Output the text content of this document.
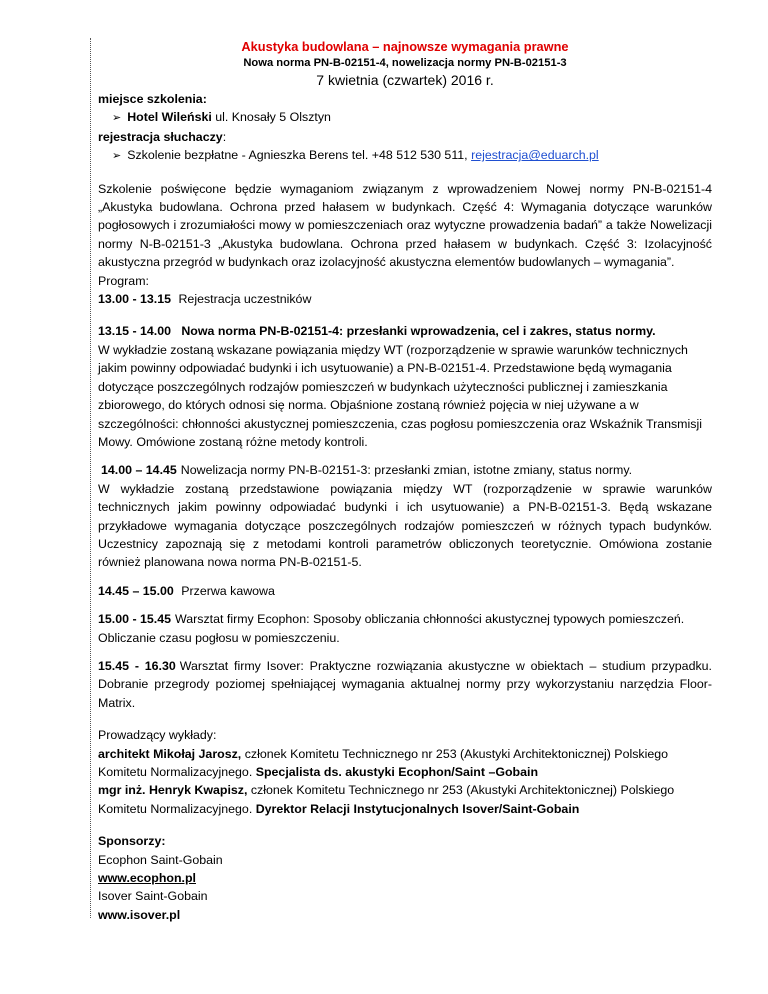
Akustyka budowlana – najnowsze wymagania prawne

Nowa norma PN-B-02151-4, nowelizacja normy PN-B-02151-3

7 kwietnia (czwartek) 2016 r.

miejsce szkolenia:

➢ Hotel Wileński ul. Knosały 5 Olsztyn

rejestracja słuchaczy:

➢ Szkolenie bezpłatne - Agnieszka Berens tel. +48 512 530 511, rejestracja@eduarch.pl

Szkolenie poświęcone będzie wymaganiom związanym z wprowadzeniem Nowej normy PN-B-02151-4 „Akustyka budowlana. Ochrona przed hałasem w budynkach. Część 4: Wymagania dotyczące warunków pogłosowych i zrozumiałości mowy w pomieszczeniach oraz wytyczne prowadzenia badań” a także Nowelizacji normy N-B-02151-3 „Akustyka budowlana. Ochrona przed hałasem w budynkach. Część 3: Izolacyjność akustyczna przegród w budynkach oraz izolacyjność akustyczna elementów budowlanych – wymagania”.

Program:

13.00 - 13.15 Rejestracja uczestników

13.15 - 14.00 Nowa norma PN-B-02151-4: przesłanki wprowadzenia, cel i zakres, status normy.

W wykładzie zostaną wskazane powiązania między WT (rozporządzenie w sprawie warunków technicznych jakim powinny odpowiadać budynki i ich usytuowanie) a PN-B-02151-4. Przedstawione będą wymagania dotyczące poszczególnych rodzajów pomieszczeń w budynkach użyteczności publicznej i zamieszkania zbiorowego, do których odnosi się norma. Objaśnione zostaną również pojęcia w niej używane a w szczególności: chłonności akustycznej pomieszczenia, czas pogłosu pomieszczenia oraz Wskaźnik Transmisji Mowy. Omówione zostaną różne metody kontroli.

14.00 – 14.45 Nowelizacja normy PN-B-02151-3: przesłanki zmian, istotne zmiany, status normy.

W wykładzie zostaną przedstawione powiązania między WT (rozporządzenie w sprawie warunków technicznych jakim powinny odpowiadać budynki i ich usytuowanie) a PN-B-02151-3. Będą wskazane przykładowe wymagania dotyczące poszczególnych rodzajów pomieszczeń w różnych typach budynków. Uczestnicy zapoznają się z metodami kontroli parametrów obliczonych teoretycznie. Omówiona zostanie również planowana nowa norma PN-B-02151-5.

14.45 – 15.00 Przerwa kawowa

15.00 - 15.45 Warsztat firmy Ecophon: Sposoby obliczania chłonności akustycznej typowych pomieszczeń. Obliczanie czasu pogłosu w pomieszczeniu.

15.45 - 16.30 Warsztat firmy Isover: Praktyczne rozwiązania akustyczne w obiektach – studium przypadku. Dobranie przegrody poziomej spełniającej wymagania aktualnej normy przy wykorzystaniu narzędzia Floor-Matrix.

Prowadzący wykłady:

architekt Mikołaj Jarosz, członek Komitetu Technicznego nr 253 (Akustyki Architektonicznej) Polskiego Komitetu Normalizacyjnego. Specjalista ds. akustyki Ecophon/Saint –Gobain

mgr inż. Henryk Kwapisz, członek Komitetu Technicznego nr 253 (Akustyki Architektonicznej) Polskiego Komitetu Normalizacyjnego. Dyrektor Relacji Instytucjonalnych Isover/Saint-Gobain

Sponsorzy:

Ecophon Saint-Gobain

www.ecophon.pl

Isover Saint-Gobain

www.isover.pl
